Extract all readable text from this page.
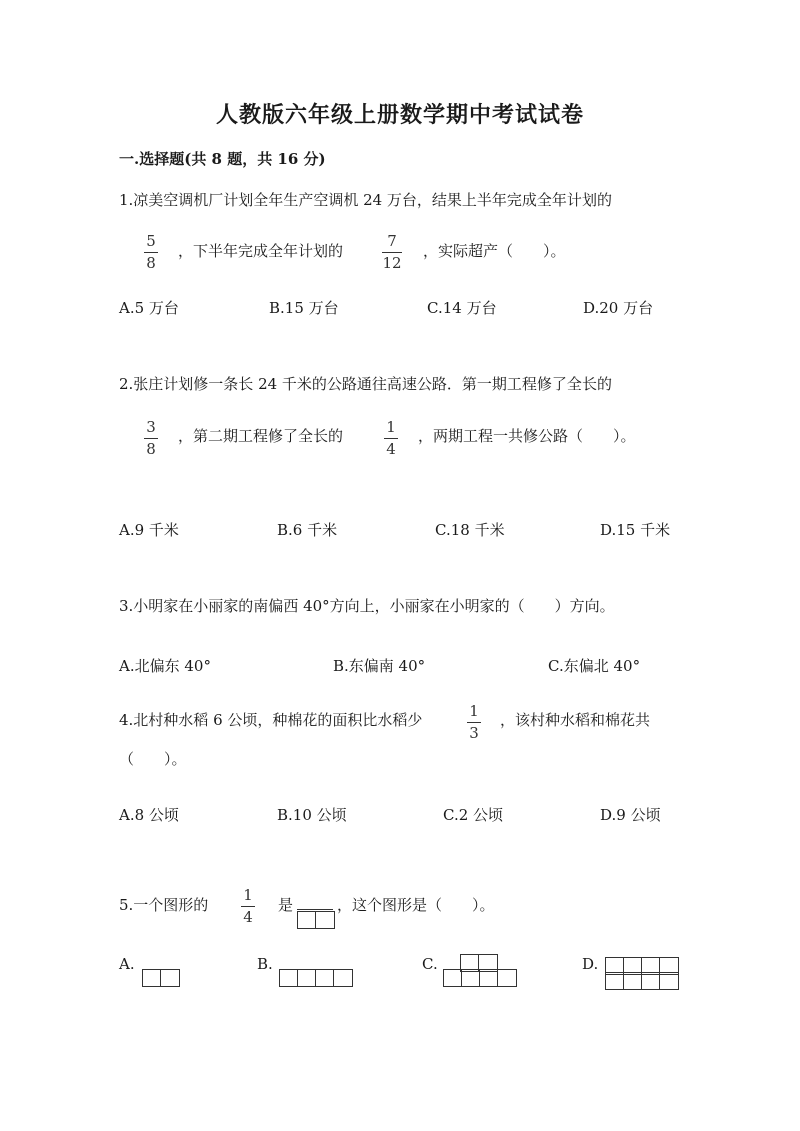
人教版六年级上册数学期中考试试卷
一.选择题(共 8 题，共 16 分)
1.凉美空调机厂计划全年生产空调机 24 万台，结果上半年完成全年计划的
5
8
，下半年完成全年计划的
7
12
，实际超产（　　）。
A.5 万台	B.15 万台	C.14 万台	D.20 万台
2.张庄计划修一条长 24 千米的公路通往高速公路．第一期工程修了全长的
3
8
，第二期工程修了全长的	1
4
，两期工程一共修公路（　　）。
A.9 千米	B.6 千米	C.18 千米	D.15 千米
3.小明家在小丽家的南偏西 40°方向上，小丽家在小明家的（　　）方向。
A.北偏东 40°	B.东偏南 40°	C.东偏北 40°
4.北村种水稻 6 公顷，种棉花的面积比水稻少	1
3
，该村种水稻和棉花共
（　　）。
A.8 公顷	B.10 公顷	C.2 公顷	D.9 公顷
5.一个图形的
1
4
是	，这个图形是（　　）。
A.	B.	C.	D.
